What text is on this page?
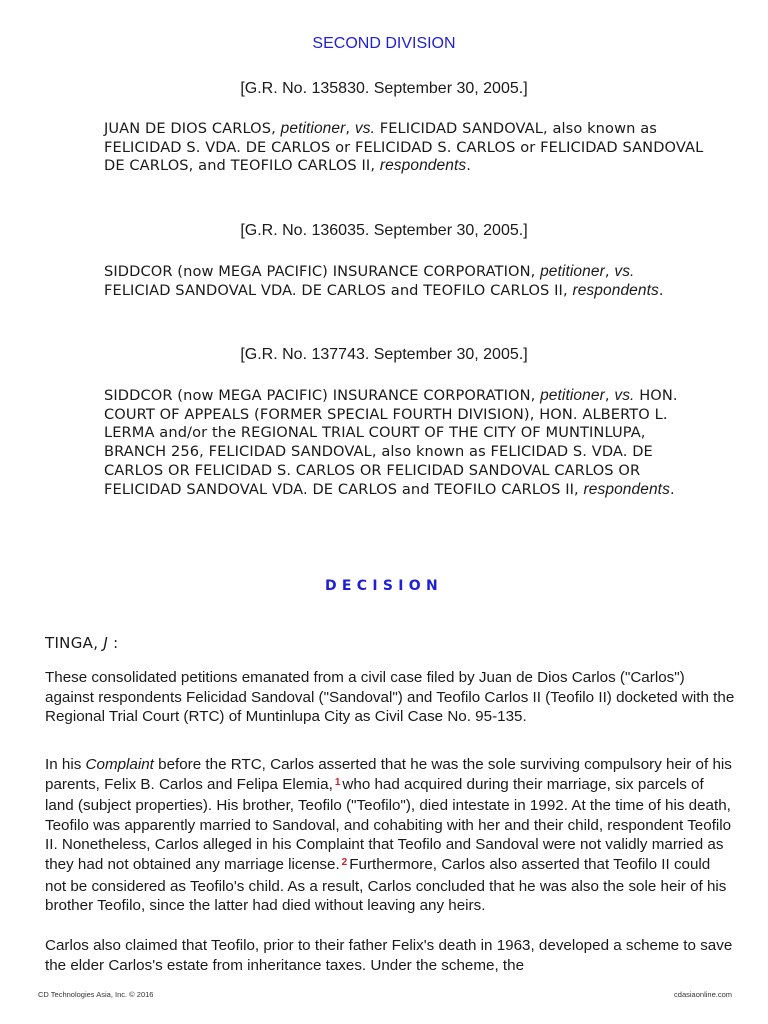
SECOND DIVISION
[G.R. No. 135830. September 30, 2005.]
JUAN DE DIOS CARLOS, petitioner, vs. FELICIDAD SANDOVAL, also known as FELICIDAD S. VDA. DE CARLOS or FELICIDAD S. CARLOS or FELICIDAD SANDOVAL DE CARLOS, and TEOFILO CARLOS II, respondents.
[G.R. No. 136035. September 30, 2005.]
SIDDCOR (now MEGA PACIFIC) INSURANCE CORPORATION, petitioner, vs. FELICIAD SANDOVAL VDA. DE CARLOS and TEOFILO CARLOS II, respondents.
[G.R. No. 137743. September 30, 2005.]
SIDDCOR (now MEGA PACIFIC) INSURANCE CORPORATION, petitioner, vs. HON. COURT OF APPEALS (FORMER SPECIAL FOURTH DIVISION), HON. ALBERTO L. LERMA and/or the REGIONAL TRIAL COURT OF THE CITY OF MUNTINLUPA, BRANCH 256, FELICIDAD SANDOVAL, also known as FELICIDAD S. VDA. DE CARLOS OR FELICIDAD S. CARLOS OR FELICIDAD SANDOVAL CARLOS OR FELICIDAD SANDOVAL VDA. DE CARLOS and TEOFILO CARLOS II, respondents.
DECISION
TINGA, J :
These consolidated petitions emanated from a civil case filed by Juan de Dios Carlos ("Carlos") against respondents Felicidad Sandoval ("Sandoval") and Teofilo Carlos II (Teofilo II) docketed with the Regional Trial Court (RTC) of Muntinlupa City as Civil Case No. 95-135.
In his Complaint before the RTC, Carlos asserted that he was the sole surviving compulsory heir of his parents, Felix B. Carlos and Felipa Elemia, $^1$ who had acquired during their marriage, six parcels of land (subject properties). His brother, Teofilo ("Teofilo"), died intestate in 1992. At the time of his death, Teofilo was apparently married to Sandoval, and cohabiting with her and their child, respondent Teofilo II. Nonetheless, Carlos alleged in his Complaint that Teofilo and Sandoval were not validly married as they had not obtained any marriage license. $^2$ Furthermore, Carlos also asserted that Teofilo II could not be considered as Teofilo's child. As a result, Carlos concluded that he was also the sole heir of his brother Teofilo, since the latter had died without leaving any heirs.
Carlos also claimed that Teofilo, prior to their father Felix's death in 1963, developed a scheme to save the elder Carlos's estate from inheritance taxes. Under the scheme, the
CD Technologies Asia, Inc. © 2016	cdasiaonline.com
